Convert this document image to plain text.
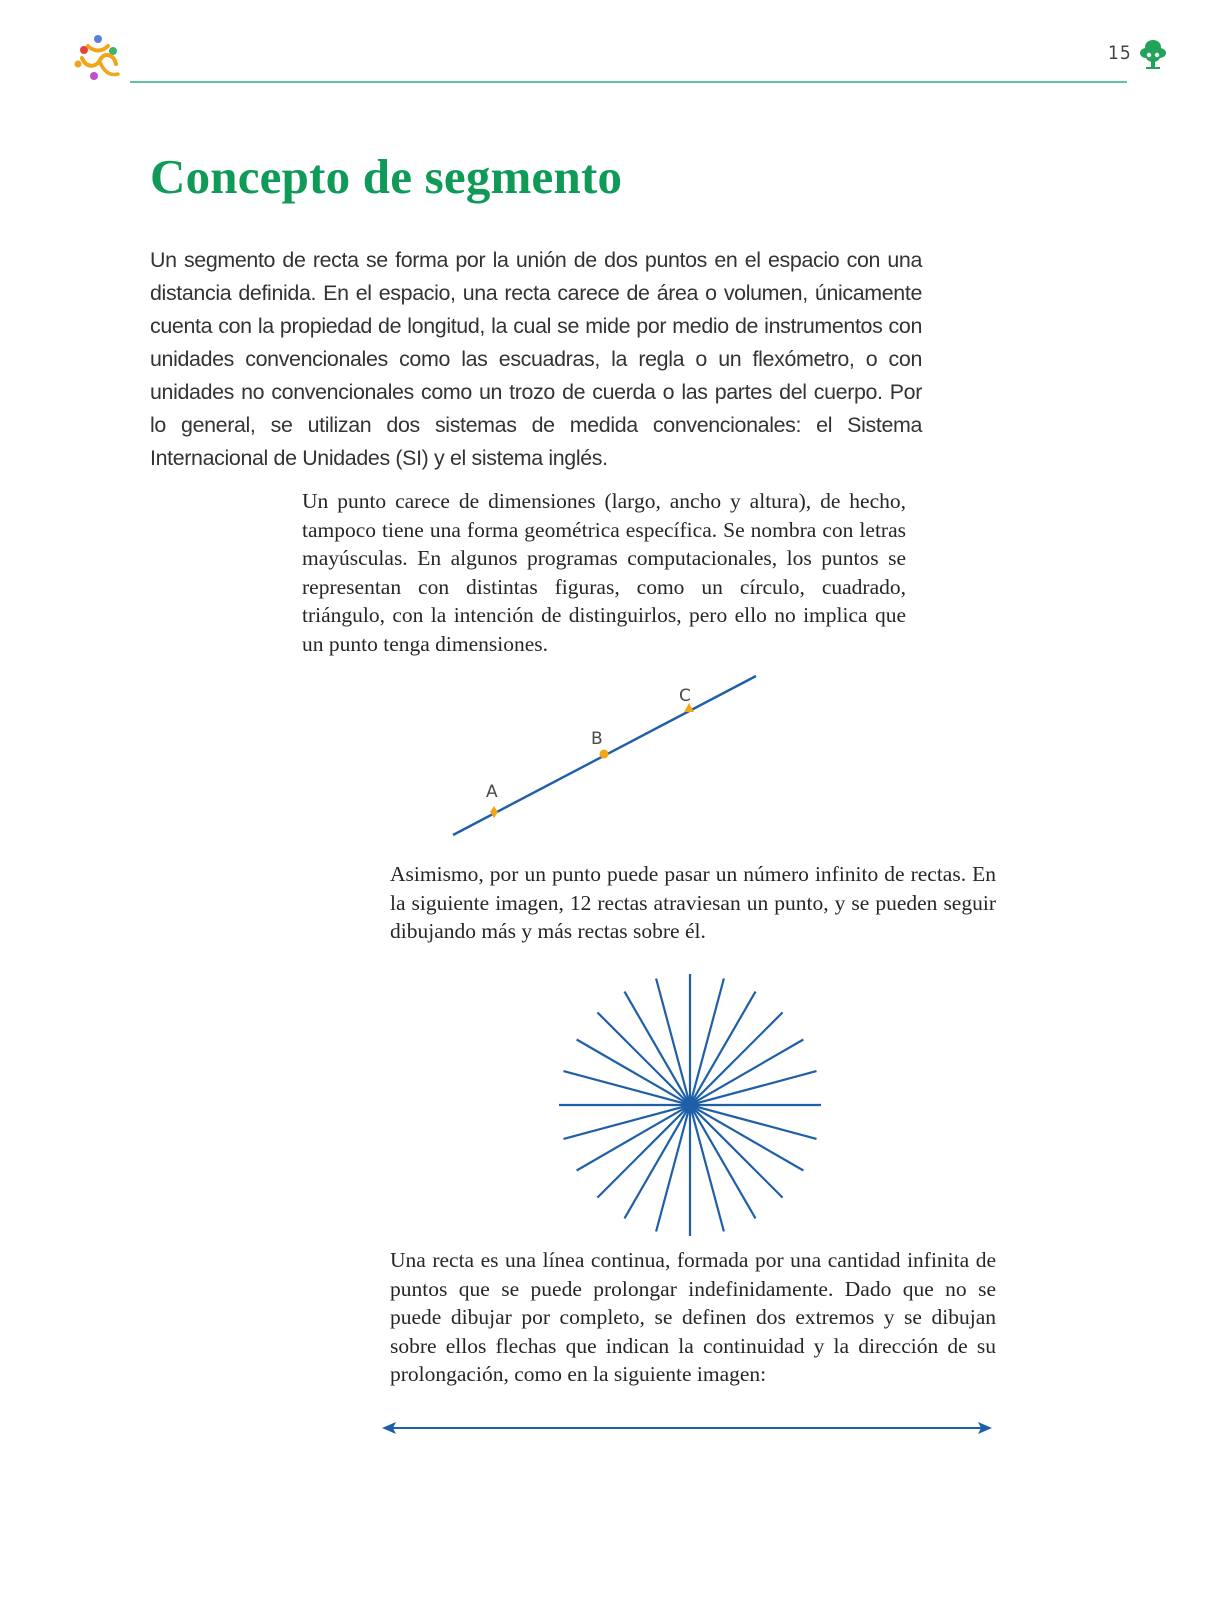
15
Concepto de segmento

Un segmento de recta se forma por la unión de dos puntos en el espacio con una distancia definida. En el espacio, una recta carece de área o volumen, únicamente cuenta con la propiedad de longitud, la cual se mide por medio de instrumentos con unidades convencionales como las escuadras, la regla o un flexómetro, o con unidades no convencionales como un trozo de cuerda o las partes del cuerpo. Por lo general, se utilizan dos sistemas de medida convencionales: el Sistema Internacional de Unidades (SI) y el sistema inglés.

Un punto carece de dimensiones (largo, ancho y altura), de hecho, tampoco tiene una forma geométrica específica. Se nombra con letras mayúsculas. En algunos programas computacionales, los puntos se representan con distintas figuras, como un círculo, cuadrado, triángulo, con la intención de distinguirlos, pero ello no implica que un punto tenga dimensiones.

A
B
C

Asimismo, por un punto puede pasar un número infinito de rectas. En la siguiente imagen, 12 rectas atraviesan un punto, y se pueden seguir dibujando más y más rectas sobre él.

Una recta es una línea continua, formada por una cantidad infinita de puntos que se puede prolongar indefinidamente. Dado que no se puede dibujar por completo, se definen dos extremos y se dibujan sobre ellos flechas que indican la continuidad y la dirección de su prolongación, como en la siguiente imagen:
